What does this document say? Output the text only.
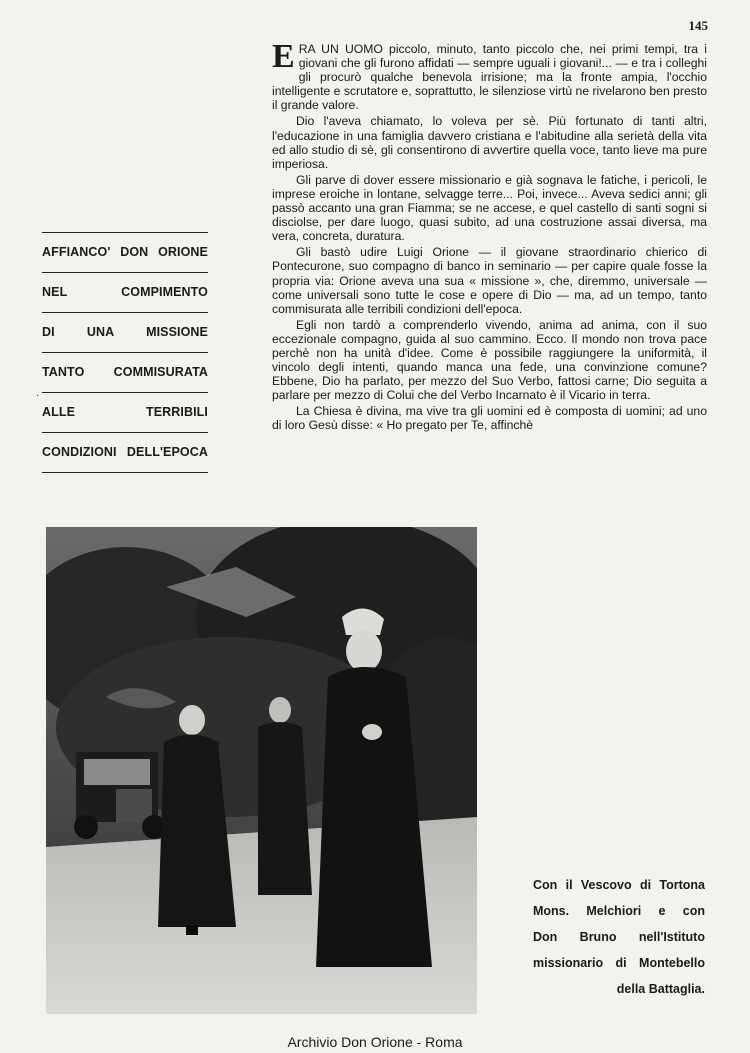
145
AFFIANCO' DON ORIONE
NEL COMPIMENTO
DI UNA MISSIONE
TANTO COMMISURATA
ALLE TERRIBILI
CONDIZIONI DELL'EPOCA
·

ERA UN UOMO piccolo, minuto, tanto piccolo che, nei primi tempi, tra i giovani che gli furono affidati — sempre uguali i giovani!... — e tra i colleghi gli procurò qualche benevola irrisione; ma la fronte ampia, l'occhio intelligente e scrutatore e, soprattutto, le silenziose virtù ne rivelarono ben presto il grande valore.

Dio l'aveva chiamato, lo voleva per sè. Più fortunato di tanti altri, l'educazione in una famiglia davvero cristiana e l'abitudine alla serietà della vita ed allo studio di sè, gli consentirono di avvertire quella voce, tanto lieve ma pure imperiosa.

Gli parve di dover essere missionario e già sognava le fatiche, i pericoli, le imprese eroiche in lontane, selvagge terre... Poi, invece... Aveva sedici anni; gli passò accanto una gran Fiamma; se ne accese, e quel castello di santi sogni si disciolse, per dare luogo, quasi subito, ad una costruzione assai diversa, ma vera, concreta, duratura.

Gli bastò udire Luigi Orione — il giovane straordinario chierico di Pontecurone, suo compagno di banco in seminario — per capire quale fosse la propria via: Orione aveva una sua « missione », che, diremmo, universale — come universali sono tutte le cose e opere di Dio — ma, ad un tempo, tanto commisurata alle terribili condizioni dell'epoca.

Egli non tardò a comprenderlo vivendo, anima ad anima, con il suo eccezionale compagno, guida al suo cammino. Ecco. Il mondo non trova pace perchè non ha unità d'idee. Come è possibile raggiungere la uniformità, il vincolo degli intenti, quando manca una fede, una convinzione comune? Ebbene, Dio ha parlato, per mezzo del Suo Verbo, fattosi carne; Dio seguita a parlare per mezzo di Colui che del Verbo Incarnato è il Vicario in terra.

La Chiesa è divina, ma vive tra gli uomini ed è composta di uomini; ad uno di loro Gesù disse: « Ho pregato per Te, affinchè

Con il Vescovo di Tortona
Mons. Melchiori e con
Don Bruno nell'Istituto
missionario di Montebello
della Battaglia.
Archivio Don Orione - Roma
